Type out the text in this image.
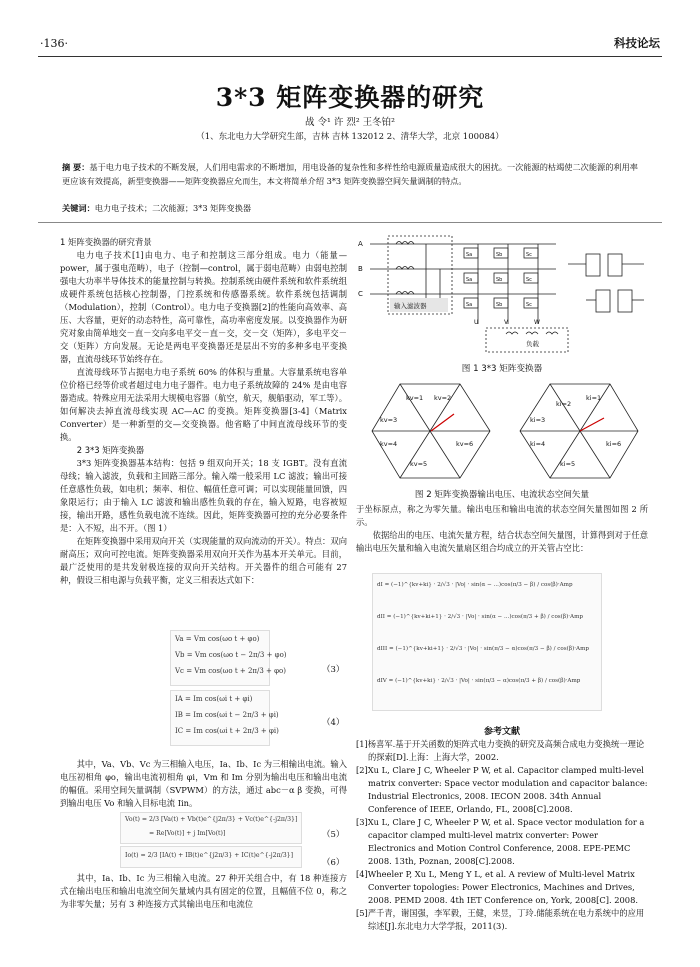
·136·	科技论坛
3*3 矩阵变换器的研究
战 令¹ 许 烈² 王冬铂²
（1、东北电力大学研究生部，吉林 吉林 132012 2、清华大学，北京 100084）
摘 要：基于电力电子技术的不断发展，人们用电需求的不断增加，用电设备的复杂性和多样性给电源质量造成很大的困扰。一次能源的枯竭使二次能源的利用率更应该有效提高，新型变换器——矩阵变换器应允而生，本文将简单介绍 3*3 矩阵变换器空间矢量调制的特点。
关键词：电力电子技术；二次能源；3*3 矩阵变换器
1 矩阵变换器的研究背景

电力电子技术[1]由电力、电子和控制这三部分组成。电力（能量—power，属于强电范畴），电子（控制—control，属于弱电范畴）由弱电控制强电大功率半导体技术的能量控制与转换。控制系统由硬件系统和软件系统组成硬件系统包括核心控制器，门控系统和传感器系统。软件系统包括调制（Modulation），控制（Control）。电力电子变换器[2]的性能向高效率、高压、大容量，更好的动态特性，高可靠性，高功率密度发展。以变换器作为研究对象由简单地交－直－交向多电平交－直－交，交－交（矩阵），多电平交－交（矩阵）方向发展。无论是两电平变换器还是层出不穷的多种多电平变换器，直流母线环节始终存在。

直流母线环节占据电力电子系统 60% 的体积与重量。大容量系统电容单位价格已经等价或者超过电力电子器件。电力电子系统故障的 24% 是由电容器造成。特殊应用无法采用大规模电容器（航空，航天，舰船驱动，军工等）。如何解决去掉直流母线实现 AC—AC 的变换。矩阵变换器[3-4]（Matrix Converter）是一种新型的交—交变换器。他省略了中间直流母线环节的变换。

2 3*3 矩阵变换器

3*3 矩阵变换器基本结构：包括 9 组双向开关；18 支 IGBT。没有直流母线；输入滤波，负载和主回路三部分。输入端一般采用 LC 滤波；输出可接任意感性负载，如电机；频率、相位、幅值任意可调；可以实现能量回馈，四象限运行；由于输入 LC 滤波和输出感性负载的存在，输入短路，电容被短接，输出开路，感性负载电流不连续。因此，矩阵变换器可控的充分必要条件是：入不短，出不开。（图 1）

在矩阵变换器中采用双向开关（实现能量的双向流动的开关）。特点：双向耐高压；双向可控电流。矩阵变换器采用双向开关作为基本开关单元。目前，最广泛使用的是共发射极连接的双向开关结构。开关器件的组合可能有 27 种，假设三相电源与负载平衡，定义三相表达式如下：

Va = Vm cos(ωo t + φo)
Vb = Vm cos(ωo t − 2π/3 + φo)
Vc = Vm cos(ωo t + 2π/3 + φo)	（3）
IA = Im cos(ωi t + φi)
IB = Im cos(ωi t − 2π/3 + φi)
IC = Im cos(ωi t + 2π/3 + φi)
（4）

其中，Va、Vb、Vc 为三相输入电压，Ia、Ib、Ic 为三相输出电流。输入电压初相角 φo，输出电流初相角 φi，Vm 和 Im 分别为输出电压和输出电流的幅值。采用空间矢量调制（SVPWM）的方法，通过 abc－α β 变换，可得到输出电压 Vo 和输入目标电流 Iin。

Vo(t) = 2/3 [Va(t) + Vb(t)e^{j2π/3} + Vc(t)e^{-j2π/3}]
= Re[Vo(t)] + j Im[Vo(t)]	（5）
Io(t) = 2/3 [IA(t) + IB(t)e^{j2π/3} + IC(t)e^{-j2π/3}]
（6）

其中，Ia、Ib、Ic 为三相输入电流。27 种开关组合中，有 18 种连接方式在输出电压和输出电流空间矢量域内具有固定的位置，且幅值不位 0，称之为非零矢量；另有 3 种连接方式其输出电压和电流位

A
B
C
输入滤波器
负载
Sa	Sb	Sc
Sa	Sb	Sc
Sa	Sb	Sc
U	V	W
图 1 3*3 矩阵变换器
kv=1 kv=2
kv=3
kv=4
kv=5
kv=6
ki=1
ki=2
ki=3
ki=4
ki=5
ki=6
图 2 矩阵变换器输出电压、电流状态空间矢量

于坐标原点，称之为零矢量。输出电压和输出电流的状态空间矢量图如图 2 所示。

依据给出的电压、电流矢量方程，结合状态空间矢量图，计算得到对于任意输出电压矢量和输入电流矢量扇区组合均成立的开关管占空比：

dI = (−1)^{kv+ki} · 2/√3 · |Vo| · sin(α − ...)cos(π/3 − β) / cos(β)·Amp
dII = (−1)^{kv+ki+1} · 2/√3 · |Vo| · sin(α − ...)cos(π/3 + β) / cos(β)·Amp
dIII = (−1)^{kv+ki+1} · 2/√3 · |Vo| · sin(π/3 − α)cos(π/3 − β) / cos(β)·Amp
dIV = (−1)^{kv+ki} · 2/√3 · |Vo| · sin(π/3 − α)cos(π/3 + β) / cos(β)·Amp
参考文献

[1]杨喜军.基于开关函数的矩阵式电力变换的研究及高频合成电力变换统一理论的探索[D].上海：上海大学，2002.

[2]Xu L, Clare J C, Wheeler P W, et al. Capacitor clamped multi-level matrix converter: Space vector modulation and capacitor balance: Industrial Electronics, 2008. IECON 2008. 34th Annual Conference of IEEE, Orlando, FL, 2008[C].2008.

[3]Xu L, Clare J C, Wheeler P W, et al. Space vector modulation for a capacitor clamped multi-level matrix converter: Power Electronics and Motion Control Conference, 2008. EPE-PEMC 2008. 13th, Poznan, 2008[C].2008.

[4]Wheeler P, Xu L, Meng Y L, et al. A review of Multi-level Matrix Converter topologies: Power Electronics, Machines and Drives, 2008. PEMD 2008. 4th IET Conference on, York, 2008[C]. 2008.

[5]严千青，谢国强，李军毅，王健，来昱，丁玲.储能系统在电力系统中的应用综述[J].东北电力大学学报，2011(3).
